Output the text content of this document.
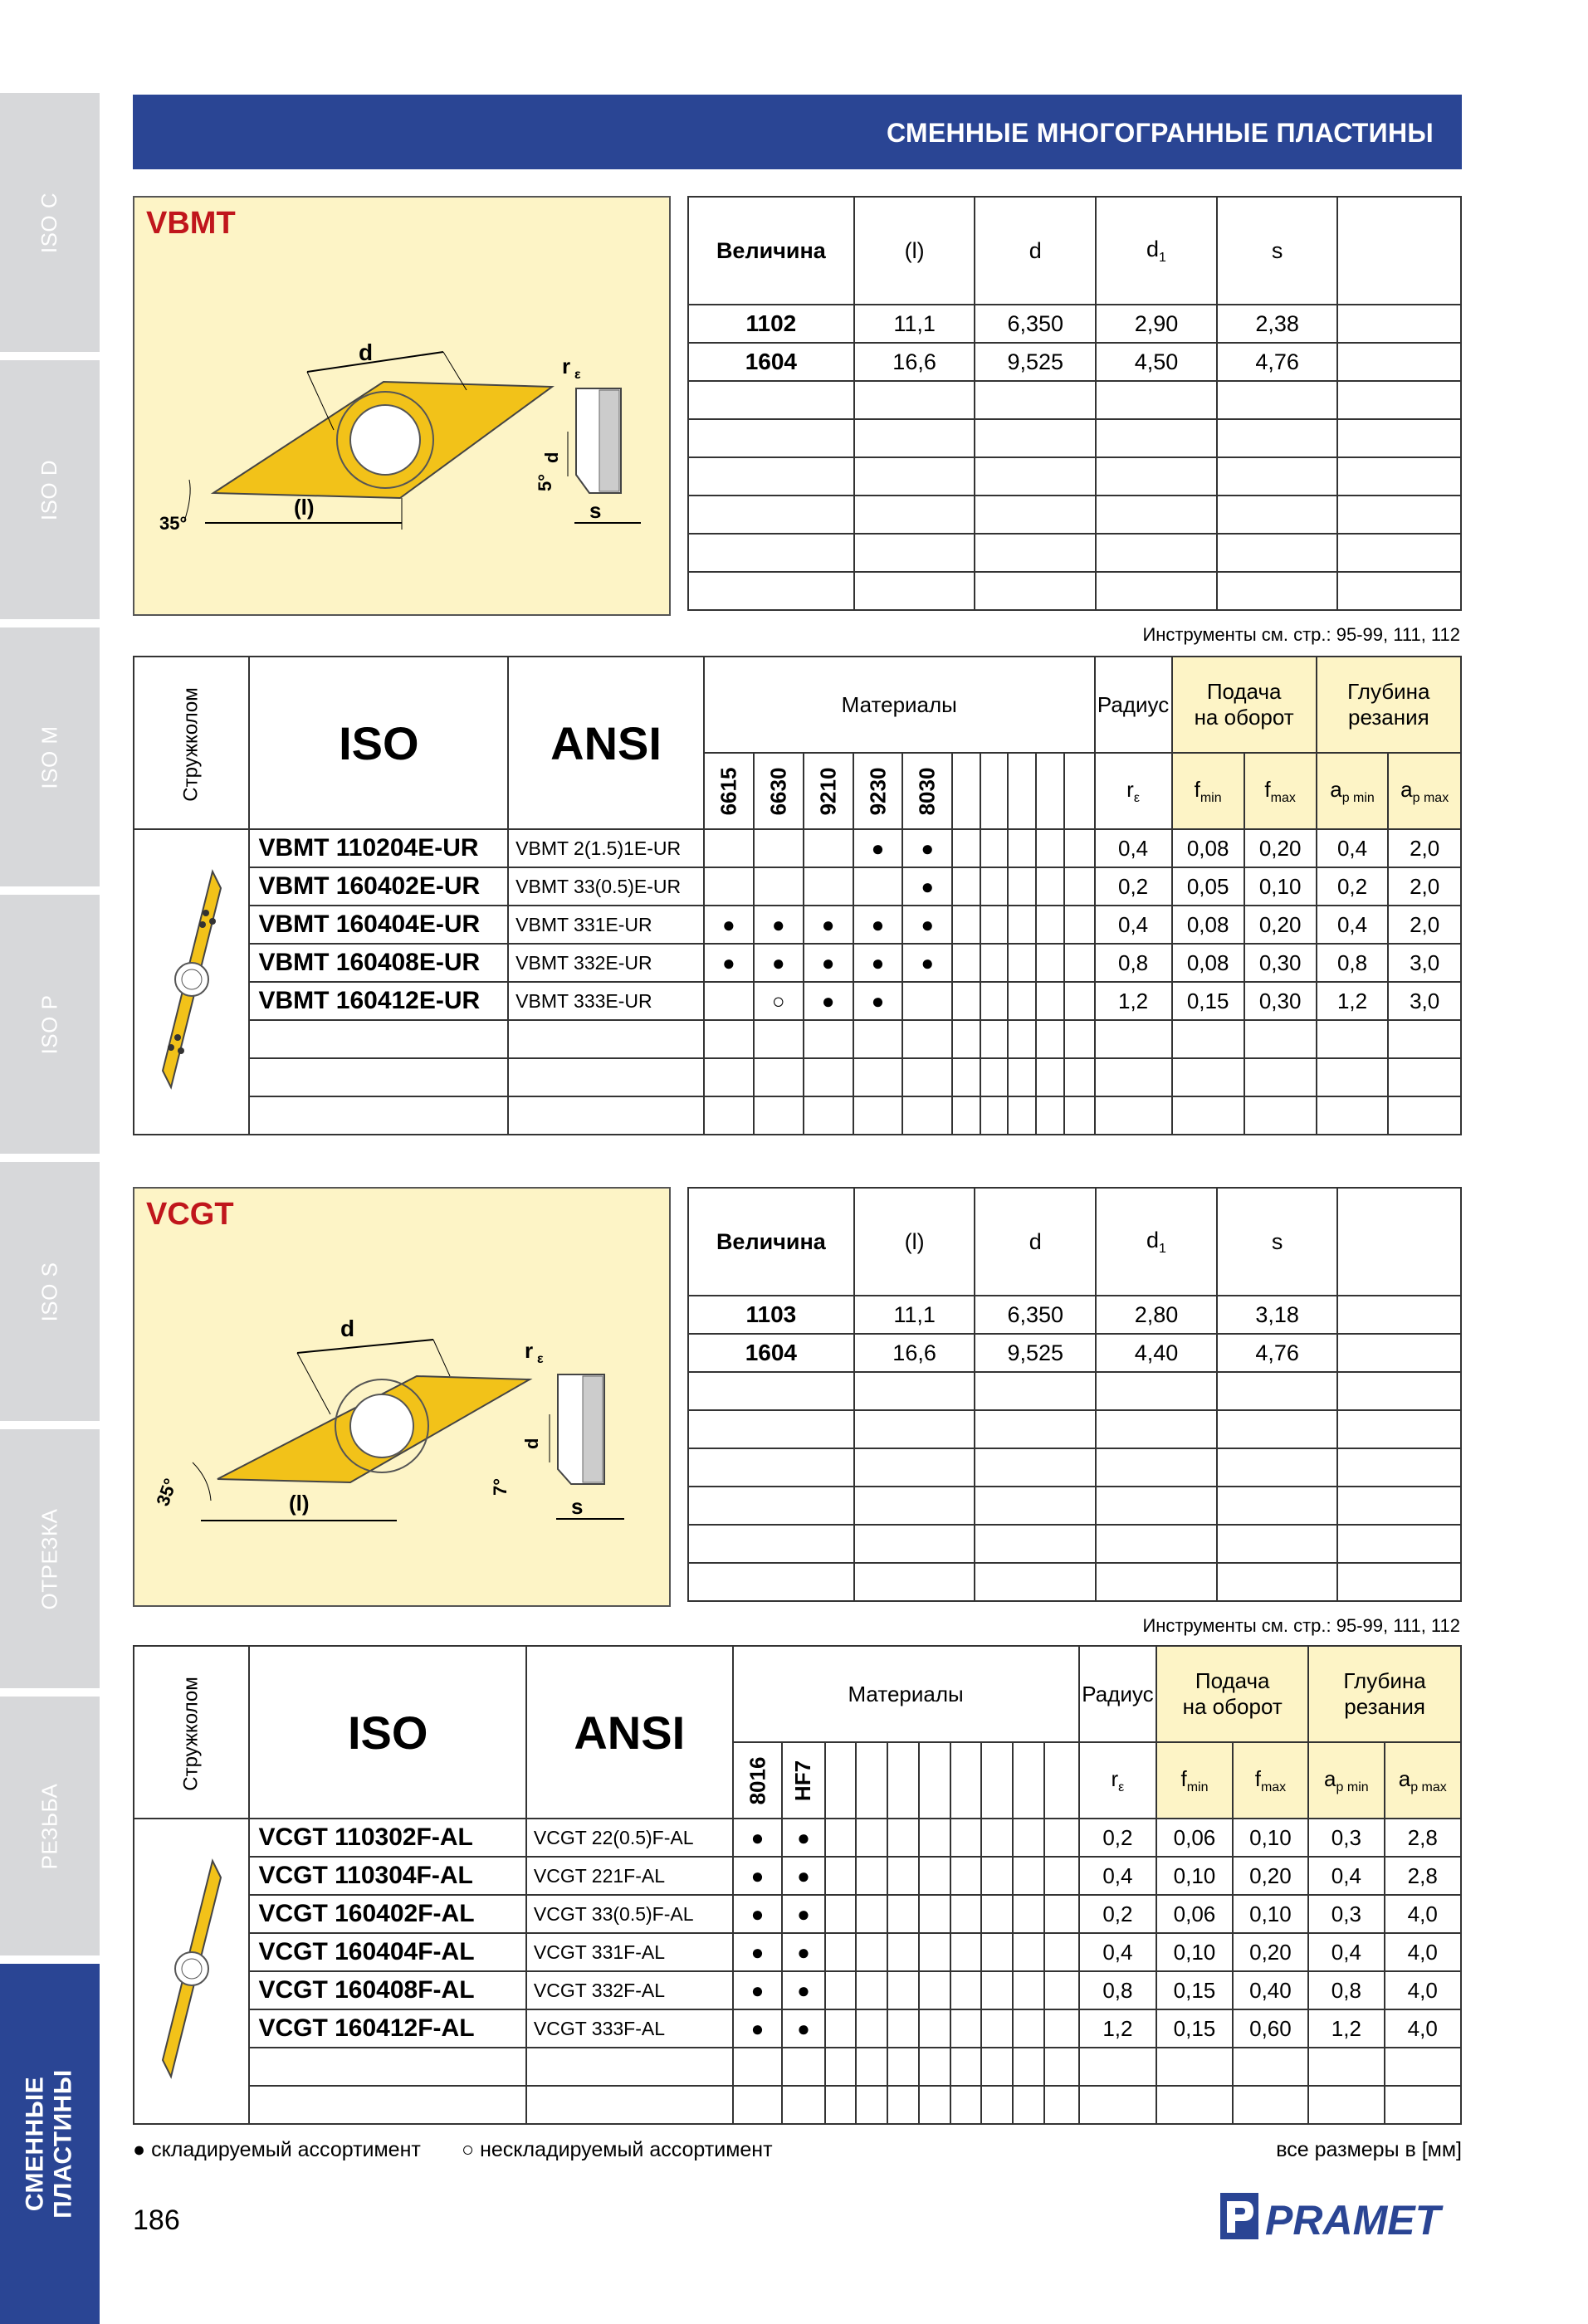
ISO C
ISO D
ISO M
ISO P
ISO S
ОТРЕЗКА
РЕЗЬБА
СМЕННЫЕ
ПЛАСТИНЫ
СМЕННЫЕ МНОГОГРАННЫЕ ПЛАСТИНЫ
VBMT
d
(l)
35°
r ε
d
5°
s
Величина	(l)	d	$d_1$	s	
1102	11,1	6,350	2,90	2,38	
1604	16,6	9,525	4,50	4,76	

Инструменты см. стр.: 95-99, 111, 112
Стружколом	ISO	ANSI	Материалы										Радиус	Подача
на оборот		Глубина
резания	
			6615	6630	9210	9230	8030						$r_\varepsilon$	$f_{min}$	$f_{max}$	$a_{p min}$	$a_{p max}$
	VBMT 110204E-UR	VBMT 2(1.5)1E-UR				●	●						0,4	0,08	0,20	0,4	2,0
	VBMT 160402E-UR	VBMT 33(0.5)E-UR					●						0,2	0,05	0,10	0,2	2,0
	VBMT 160404E-UR	VBMT 331E-UR	●	●	●	●	●						0,4	0,08	0,20	0,4	2,0
	VBMT 160408E-UR	VBMT 332E-UR	●	●	●	●	●						0,8	0,08	0,30	0,8	3,0
	VBMT 160412E-UR	VBMT 333E-UR		○	●	●							1,2	0,15	0,30	1,2	3,0

VCGT
d
(l)
35°
r ε
d
7°
s
Величина	(l)	d	$d_1$	s	
1103	11,1	6,350	2,80	3,18	
1604	16,6	9,525	4,40	4,76	

Инструменты см. стр.: 95-99, 111, 112
Стружколом	ISO	ANSI	Материалы										Радиус	Подача
на оборот		Глубина
резания	
			8016	HF7									$r_\varepsilon$	$f_{min}$	$f_{max}$	$a_{p min}$	$a_{p max}$
	VCGT 110302F-AL	VCGT 22(0.5)F-AL	●	●									0,2	0,06	0,10	0,3	2,8
	VCGT 110304F-AL	VCGT 221F-AL	●	●									0,4	0,10	0,20	0,4	2,8
	VCGT 160402F-AL	VCGT 33(0.5)F-AL	●	●									0,2	0,06	0,10	0,3	4,0
	VCGT 160404F-AL	VCGT 331F-AL	●	●									0,4	0,10	0,20	0,4	4,0
	VCGT 160408F-AL	VCGT 332F-AL	●	●									0,8	0,15	0,40	0,8	4,0
	VCGT 160412F-AL	VCGT 333F-AL	●	●									1,2	0,15	0,60	1,2	4,0

● складируемый ассортимент ○ нескладируемый ассортимент	все размеры в [мм]
186	PRAMET
